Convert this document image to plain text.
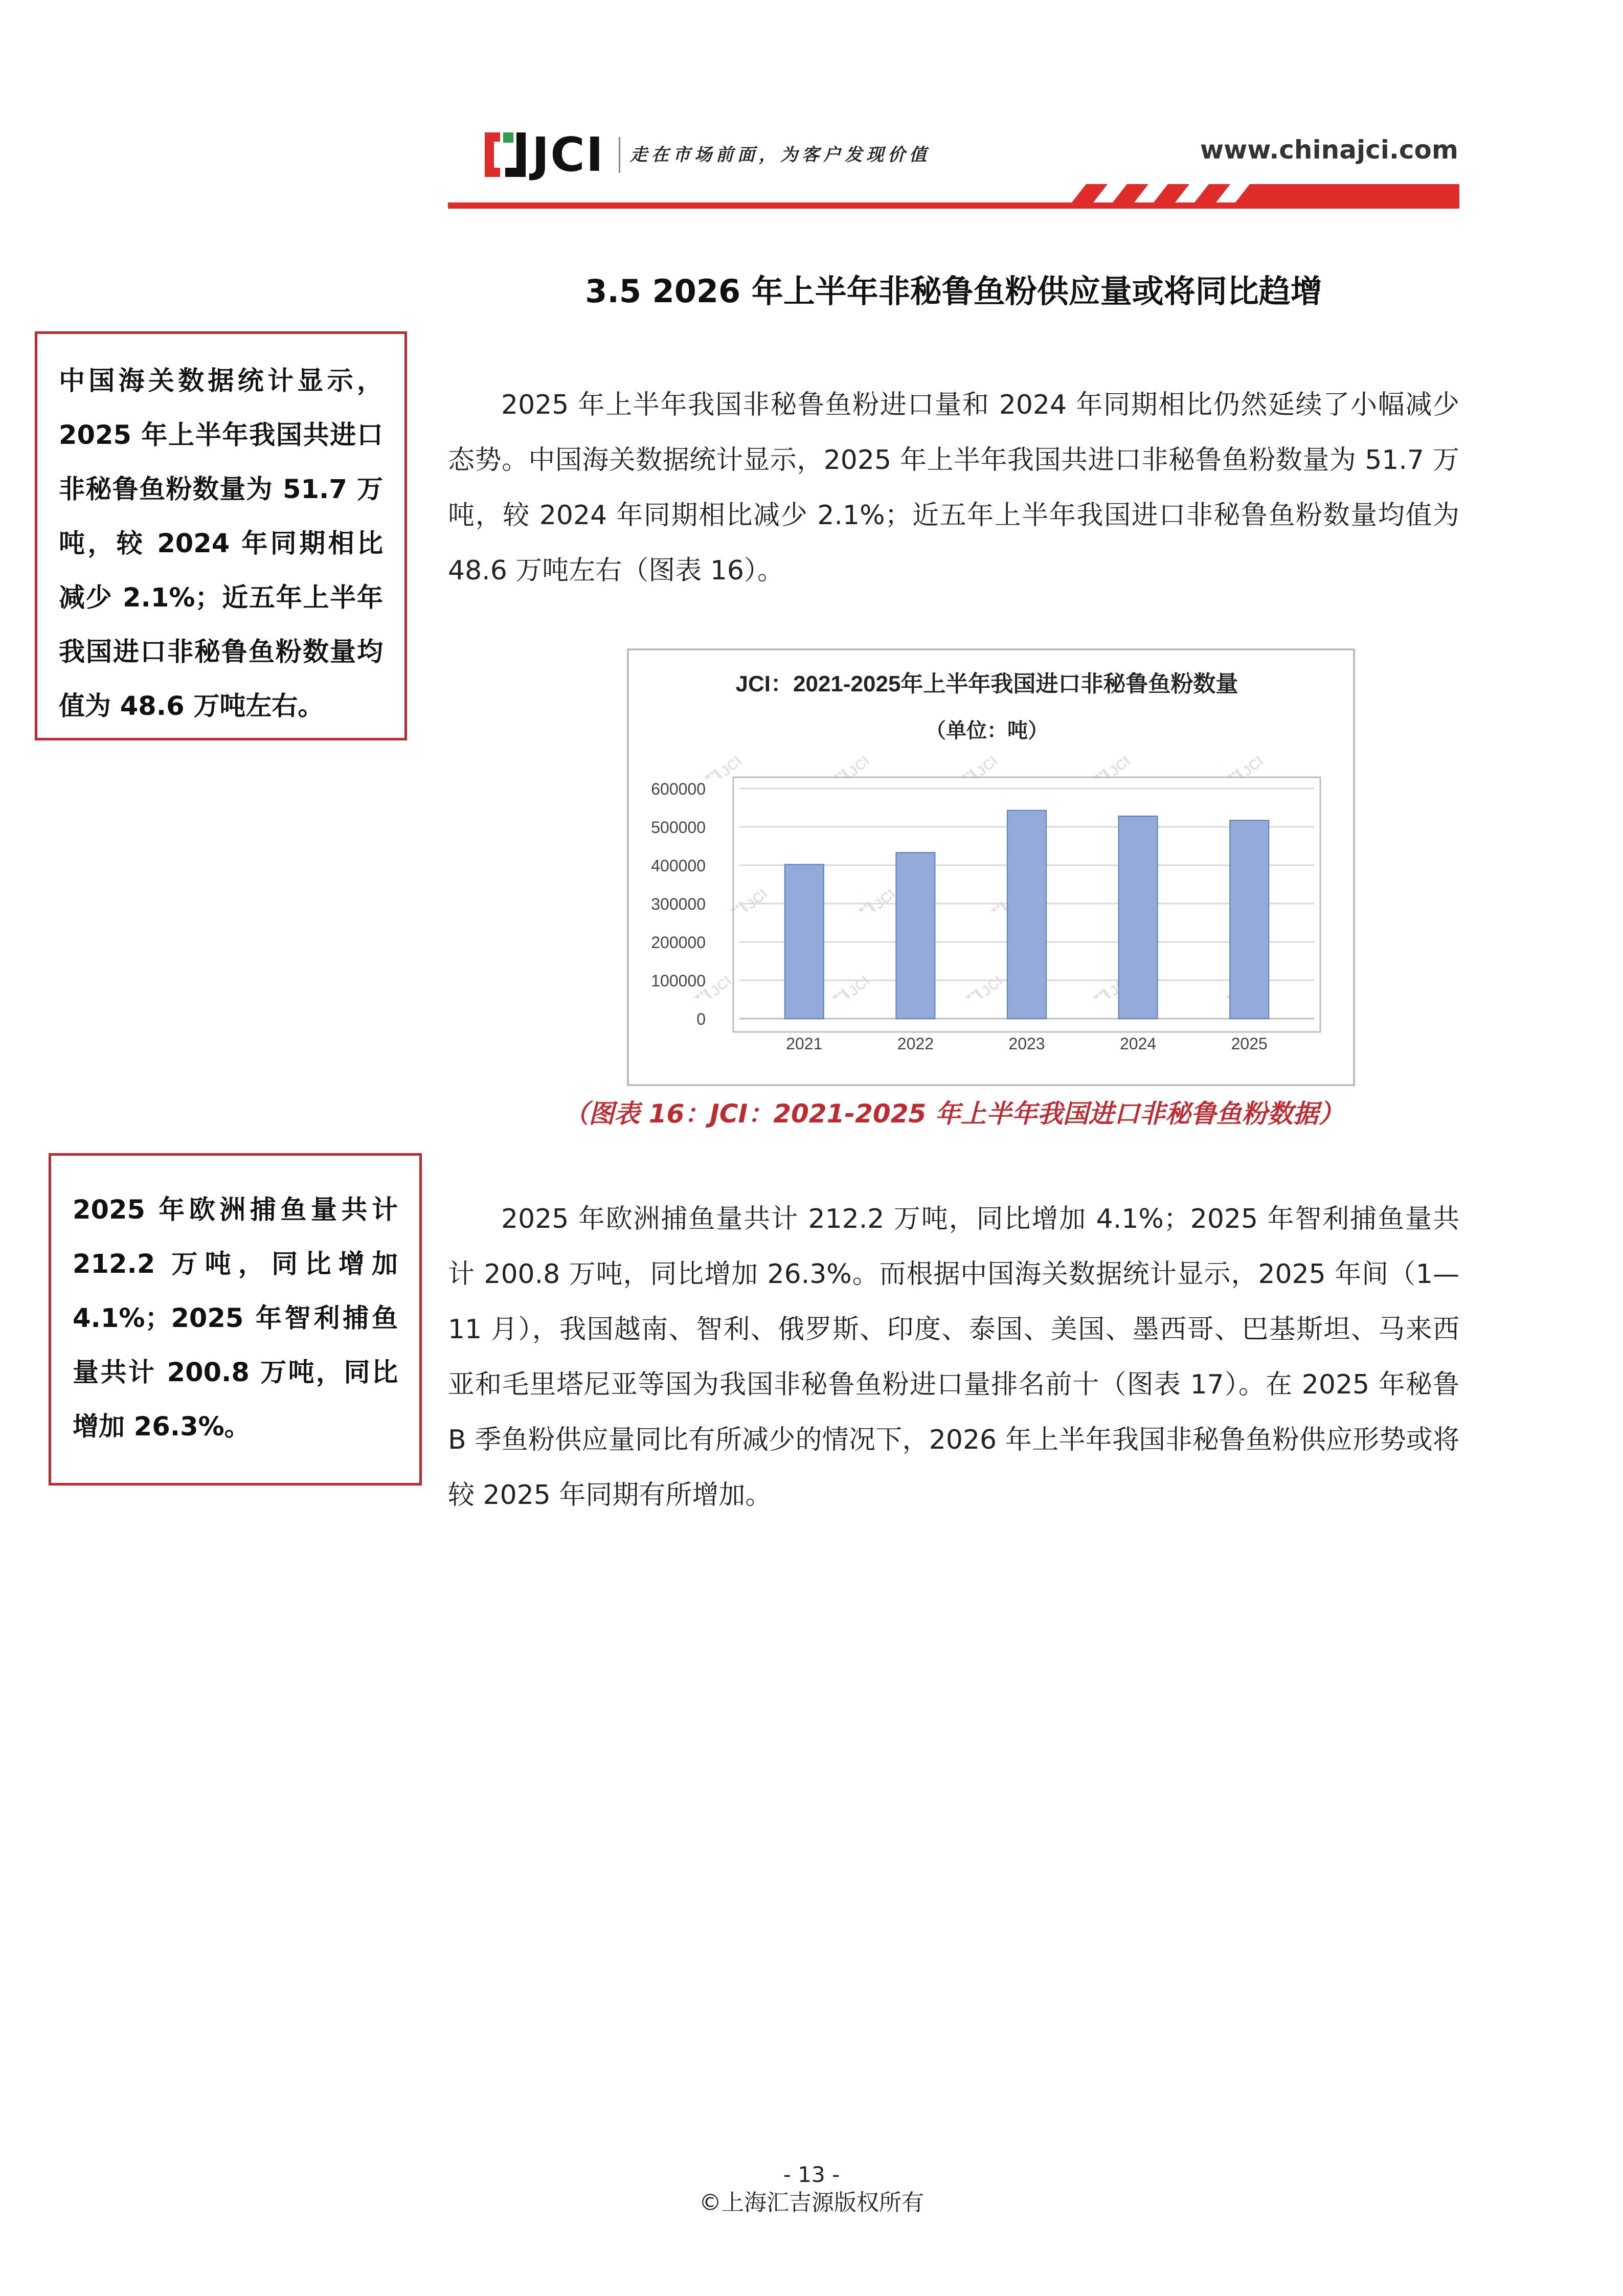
JCI 走在市场前面，为客户发现价值	www.chinajci.com
3.5 2026 年上半年非秘鲁鱼粉供应量或将同比趋增
中国海关数据统计显示，2025 年上半年我国共进口非秘鲁鱼粉数量为 51.7 万吨，较 2024 年同期相比减少 2.1%；近五年上半年我国进口非秘鲁鱼粉数量均值为 48.6 万吨左右。

2025 年上半年我国非秘鲁鱼粉进口量和 2024 年同期相比仍然延续了小幅减少态势。中国海关数据统计显示，2025 年上半年我国共进口非秘鲁鱼粉数量为 51.7 万吨，较 2024 年同期相比减少 2.1%；近五年上半年我国进口非秘鲁鱼粉数量均值为 48.6 万吨左右（图表 16）。

JCI：2021-2025年上半年我国进口非秘鲁鱼粉数量
（单位：吨）
0
100000
200000
300000
400000
500000
600000
2021	2022	2023	2024	2025
（图表 16：JCI：2021-2025 年上半年我国进口非秘鲁鱼粉数据）
2025 年欧洲捕鱼量共计 212.2 万吨，同比增加 4.1%；2025 年智利捕鱼量共计 200.8 万吨，同比增加 26.3%。

2025 年欧洲捕鱼量共计 212.2 万吨，同比增加 4.1%；2025 年智利捕鱼量共计 200.8 万吨，同比增加 26.3%。而根据中国海关数据统计显示，2025 年间（1—11 月），我国越南、智利、俄罗斯、印度、泰国、美国、墨西哥、巴基斯坦、马来西亚和毛里塔尼亚等国为我国非秘鲁鱼粉进口量排名前十（图表 17）。在 2025 年秘鲁 B 季鱼粉供应量同比有所减少的情况下，2026 年上半年我国非秘鲁鱼粉供应形势或将较 2025 年同期有所增加。

- 13 -
©上海汇吉源版权所有
